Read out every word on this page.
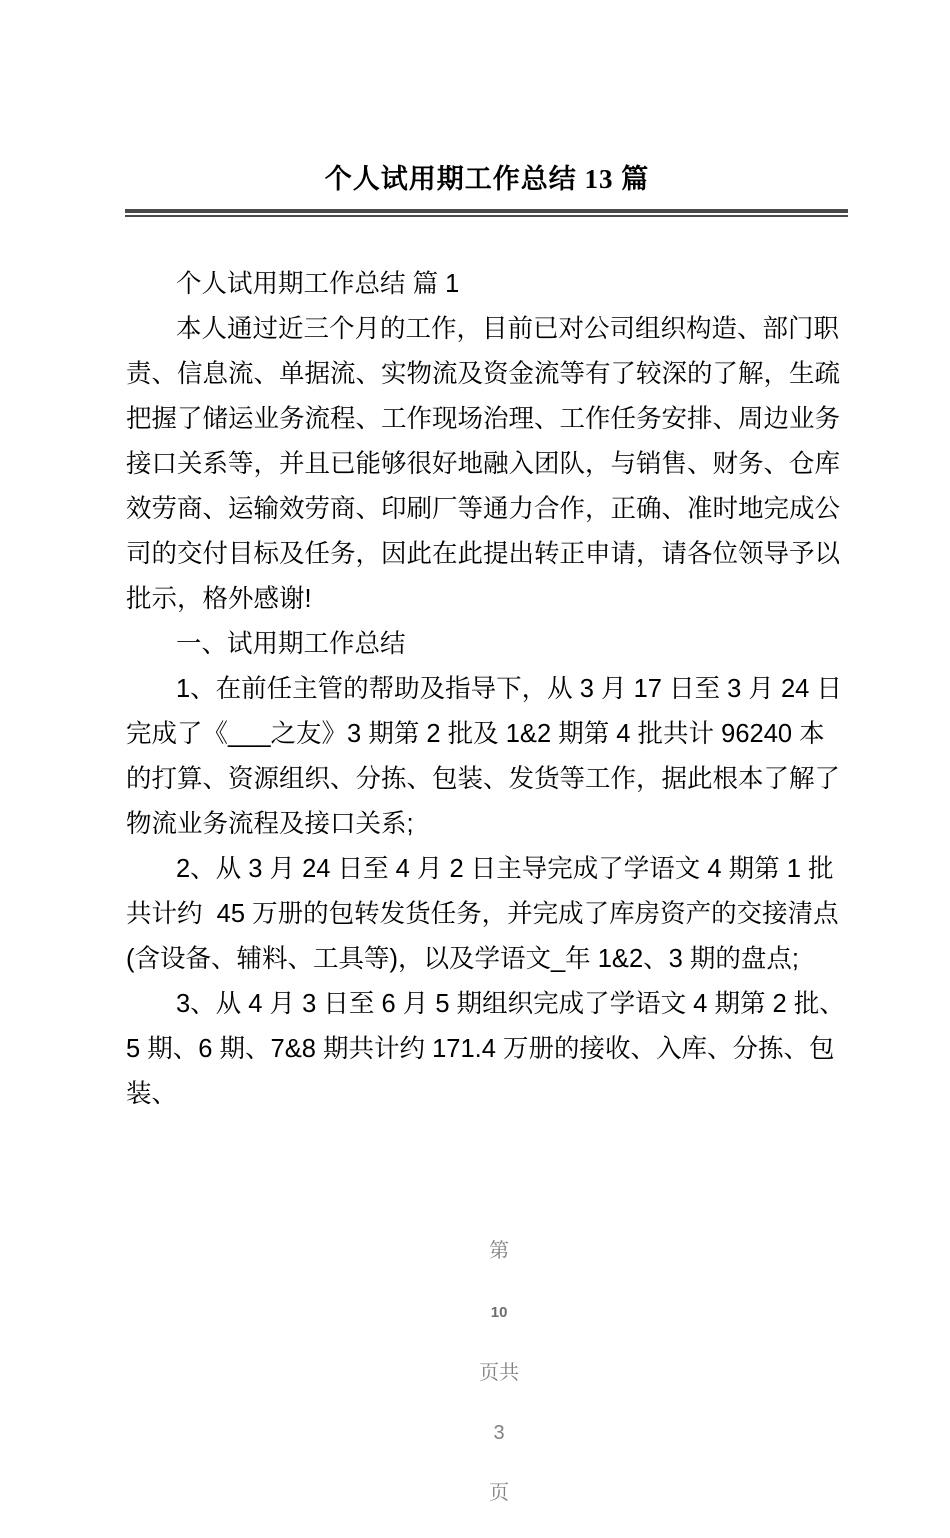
个人试用期工作总结 13 篇

个人试用期工作总结 篇 1

本人通过近三个月的工作，目前已对公司组织构造、部门职责、信息流、单据流、实物流及资金流等有了较深的了解，生疏 把握了储运业务流程、工作现场治理、工作任务安排、周边业务 接口关系等，并且已能够很好地融入团队，与销售、财务、仓库 效劳商、运输效劳商、印刷厂等通力合作，正确、准时地完成公 司的交付目标及任务，因此在此提出转正申请，请各位领导予以 批示，格外感谢!

一、试用期工作总结

1、在前任主管的帮助及指导下，从 3 月 17 日至 3 月 24 日完成了《___之友》3 期第 2 批及 1&2 期第 4 批共计 96240 本的打算、资源组织、分拣、包装、发货等工作，据此根本了解了物流业务流程及接口关系;

2、从 3 月 24 日至 4 月 2 日主导完成了学语文 4 期第 1 批共计约  45 万册的包转发货任务，并完成了库房资产的交接清点(含设备、辅料、工具等)，以及学语文_年 1&2、3 期的盘点;

3、从 4 月 3 日至 6 月 5 期组织完成了学语文 4 期第 2 批、5 期、6 期、7&8 期共计约 171.4 万册的接收、入库、分拣、包装、

第

10

页共

3

页
